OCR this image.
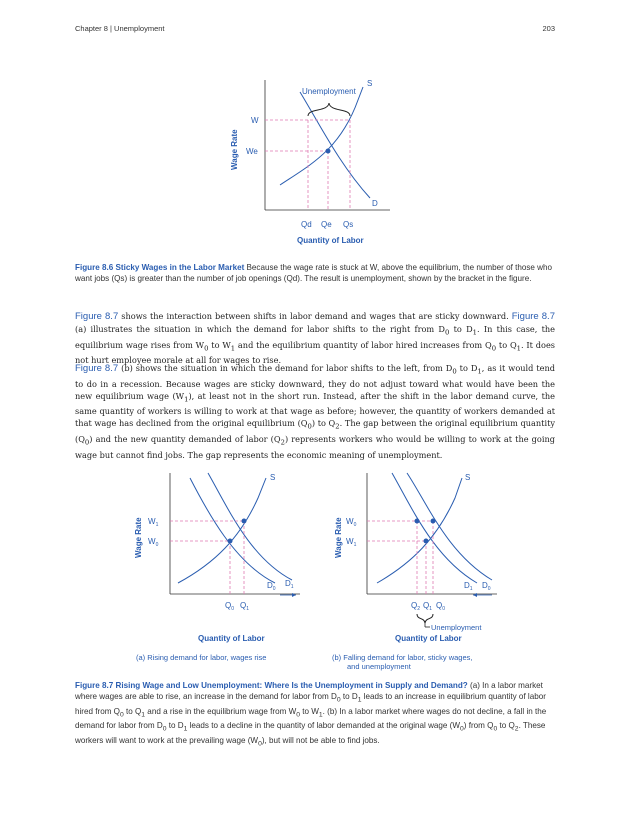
Chapter 8 | Unemployment	203
Unemployment
S
D
W
We
Qd Qe Qs
Quantity of Labor
Wage Rate
Figure 8.6 Sticky Wages in the Labor Market Because the wage rate is stuck at W, above the equilibrium, the number of those who want jobs (Qs) is greater than the number of job openings (Qd). The result is unemployment, shown by the bracket in the figure.
Figure 8.7 shows the interaction between shifts in labor demand and wages that are sticky downward. Figure 8.7 (a) illustrates the situation in which the demand for labor shifts to the right from $D_0$ to $D_1$. In this case, the equilibrium wage rises from $W_0$ to $W_1$ and the equilibrium quantity of labor hired increases from $Q_0$ to $Q_1$. It does not hurt employee morale at all for wages to rise.
Figure 8.7 (b) shows the situation in which the demand for labor shifts to the left, from $D_0$ to $D_1$, as it would tend to do in a recession. Because wages are sticky downward, they do not adjust toward what would have been the new equilibrium wage $(W_1)$, at least not in the short run. Instead, after the shift in the labor demand curve, the same quantity of workers is willing to work at that wage as before; however, the quantity of workers demanded at that wage has declined from the original equilibrium $(Q_0)$ to $Q_2$. The gap between the original equilibrium quantity $(Q_0)$ and the new quantity demanded of labor $(Q_2)$ represents workers who would be willing to work at the going wage but cannot find jobs. The gap represents the economic meaning of unemployment.
S
$W_1$
$W_0$
$D_0$
$D_1$
$Q_0$ $Q_1$
Quantity of Labor
Wage Rate
(a) Rising demand for labor, wages rise
S
$W_0$
$W_1$
$D_1$ $D_0$
$Q_2$ $Q_1$ $Q_0$
Unemployment
Quantity of Labor
Wage Rate
(b) Falling demand for labor, sticky wages,
and unemployment
Figure 8.7 Rising Wage and Low Unemployment: Where Is the Unemployment in Supply and Demand? (a) In a labor market where wages are able to rise, an increase in the demand for labor from $D_0$ to $D_1$ leads to an increase in equilibrium quantity of labor hired from $Q_0$ to $Q_1$ and a rise in the equilibrium wage from $W_0$ to $W_1$. (b) In a labor market where wages do not decline, a fall in the demand for labor from $D_0$ to $D_1$ leads to a decline in the quantity of labor demanded at the original wage $(W_0)$ from $Q_0$ to $Q_2$. These workers will want to work at the prevailing wage $(W_0)$, but will not be able to find jobs.
